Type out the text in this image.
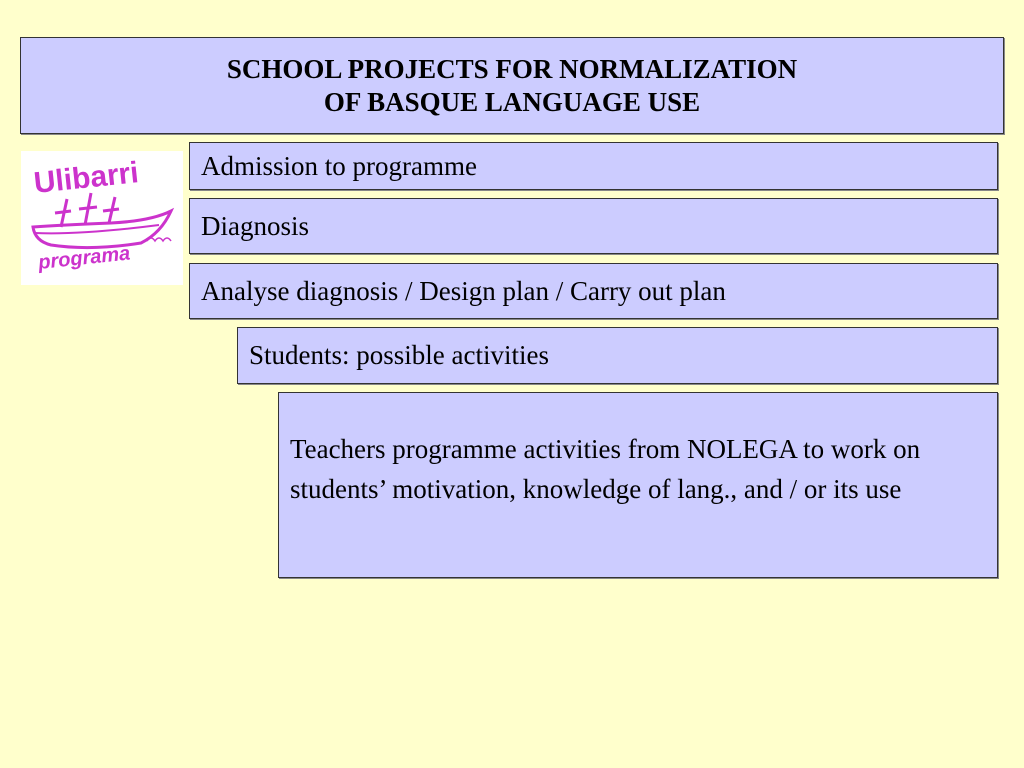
SCHOOL PROJECTS FOR NORMALIZATION
OF BASQUE LANGUAGE USE
Ulibarri
programa
Admission to programme
Diagnosis
Analyse diagnosis / Design plan / Carry out plan
Students: possible activities
Teachers programme activities from NOLEGA to work on students’ motivation, knowledge of lang., and / or its use
